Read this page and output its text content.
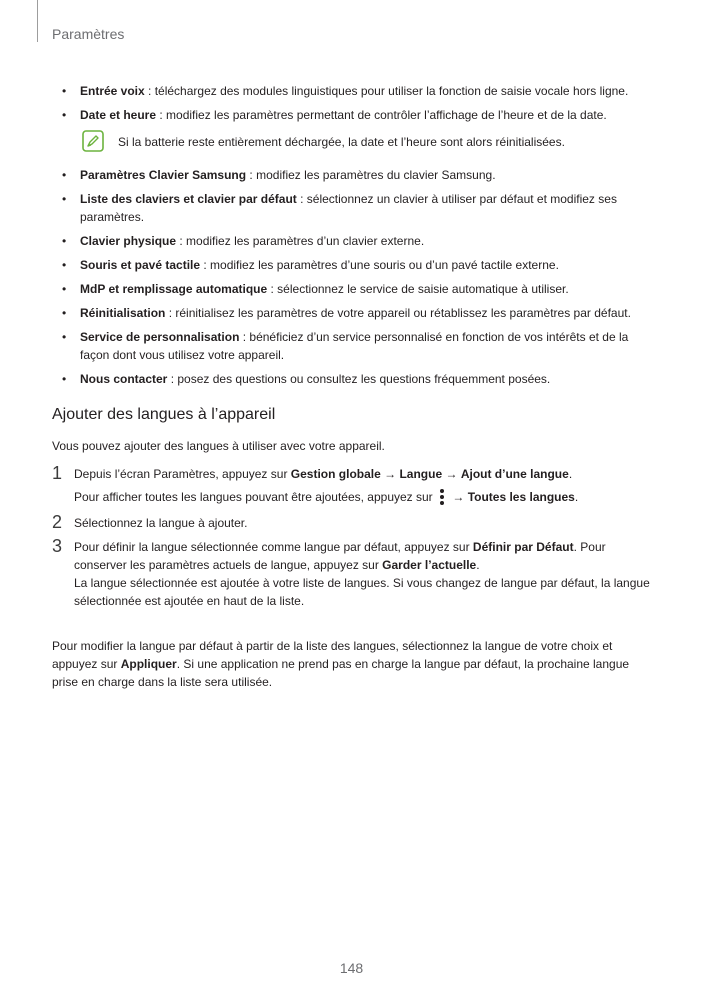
Paramètres
•	Entrée voix : téléchargez des modules linguistiques pour utiliser la fonction de saisie vocale hors ligne.
•	Date et heure : modifiez les paramètres permettant de contrôler l’affichage de l’heure et de la date.
Si la batterie reste entièrement déchargée, la date et l’heure sont alors réinitialisées.
•	Paramètres Clavier Samsung : modifiez les paramètres du clavier Samsung.
•	Liste des claviers et clavier par défaut : sélectionnez un clavier à utiliser par défaut et modifiez ses paramètres.
•	Clavier physique : modifiez les paramètres d’un clavier externe.
•	Souris et pavé tactile : modifiez les paramètres d’une souris ou d’un pavé tactile externe.
•	MdP et remplissage automatique : sélectionnez le service de saisie automatique à utiliser.
•	Réinitialisation : réinitialisez les paramètres de votre appareil ou rétablissez les paramètres par défaut.
•	Service de personnalisation : bénéficiez d’un service personnalisé en fonction de vos intérêts et de la façon dont vous utilisez votre appareil.
•	Nous contacter : posez des questions ou consultez les questions fréquemment posées.
Ajouter des langues à l’appareil

Vous pouvez ajouter des langues à utiliser avec votre appareil.

1 Depuis l’écran Paramètres, appuyez sur Gestion globale → Langue → Ajout d’une langue.
Pour afficher toutes les langues pouvant être ajoutées, appuyez sur  → Toutes les langues.
2 Sélectionnez la langue à ajouter.
3 Pour définir la langue sélectionnée comme langue par défaut, appuyez sur Définir par Défaut. Pour conserver les paramètres actuels de langue, appuyez sur Garder l’actuelle.
La langue sélectionnée est ajoutée à votre liste de langues. Si vous changez de langue par défaut, la langue sélectionnée est ajoutée en haut de la liste.

Pour modifier la langue par défaut à partir de la liste des langues, sélectionnez la langue de votre choix et appuyez sur Appliquer. Si une application ne prend pas en charge la langue par défaut, la prochaine langue prise en charge dans la liste sera utilisée.

148
